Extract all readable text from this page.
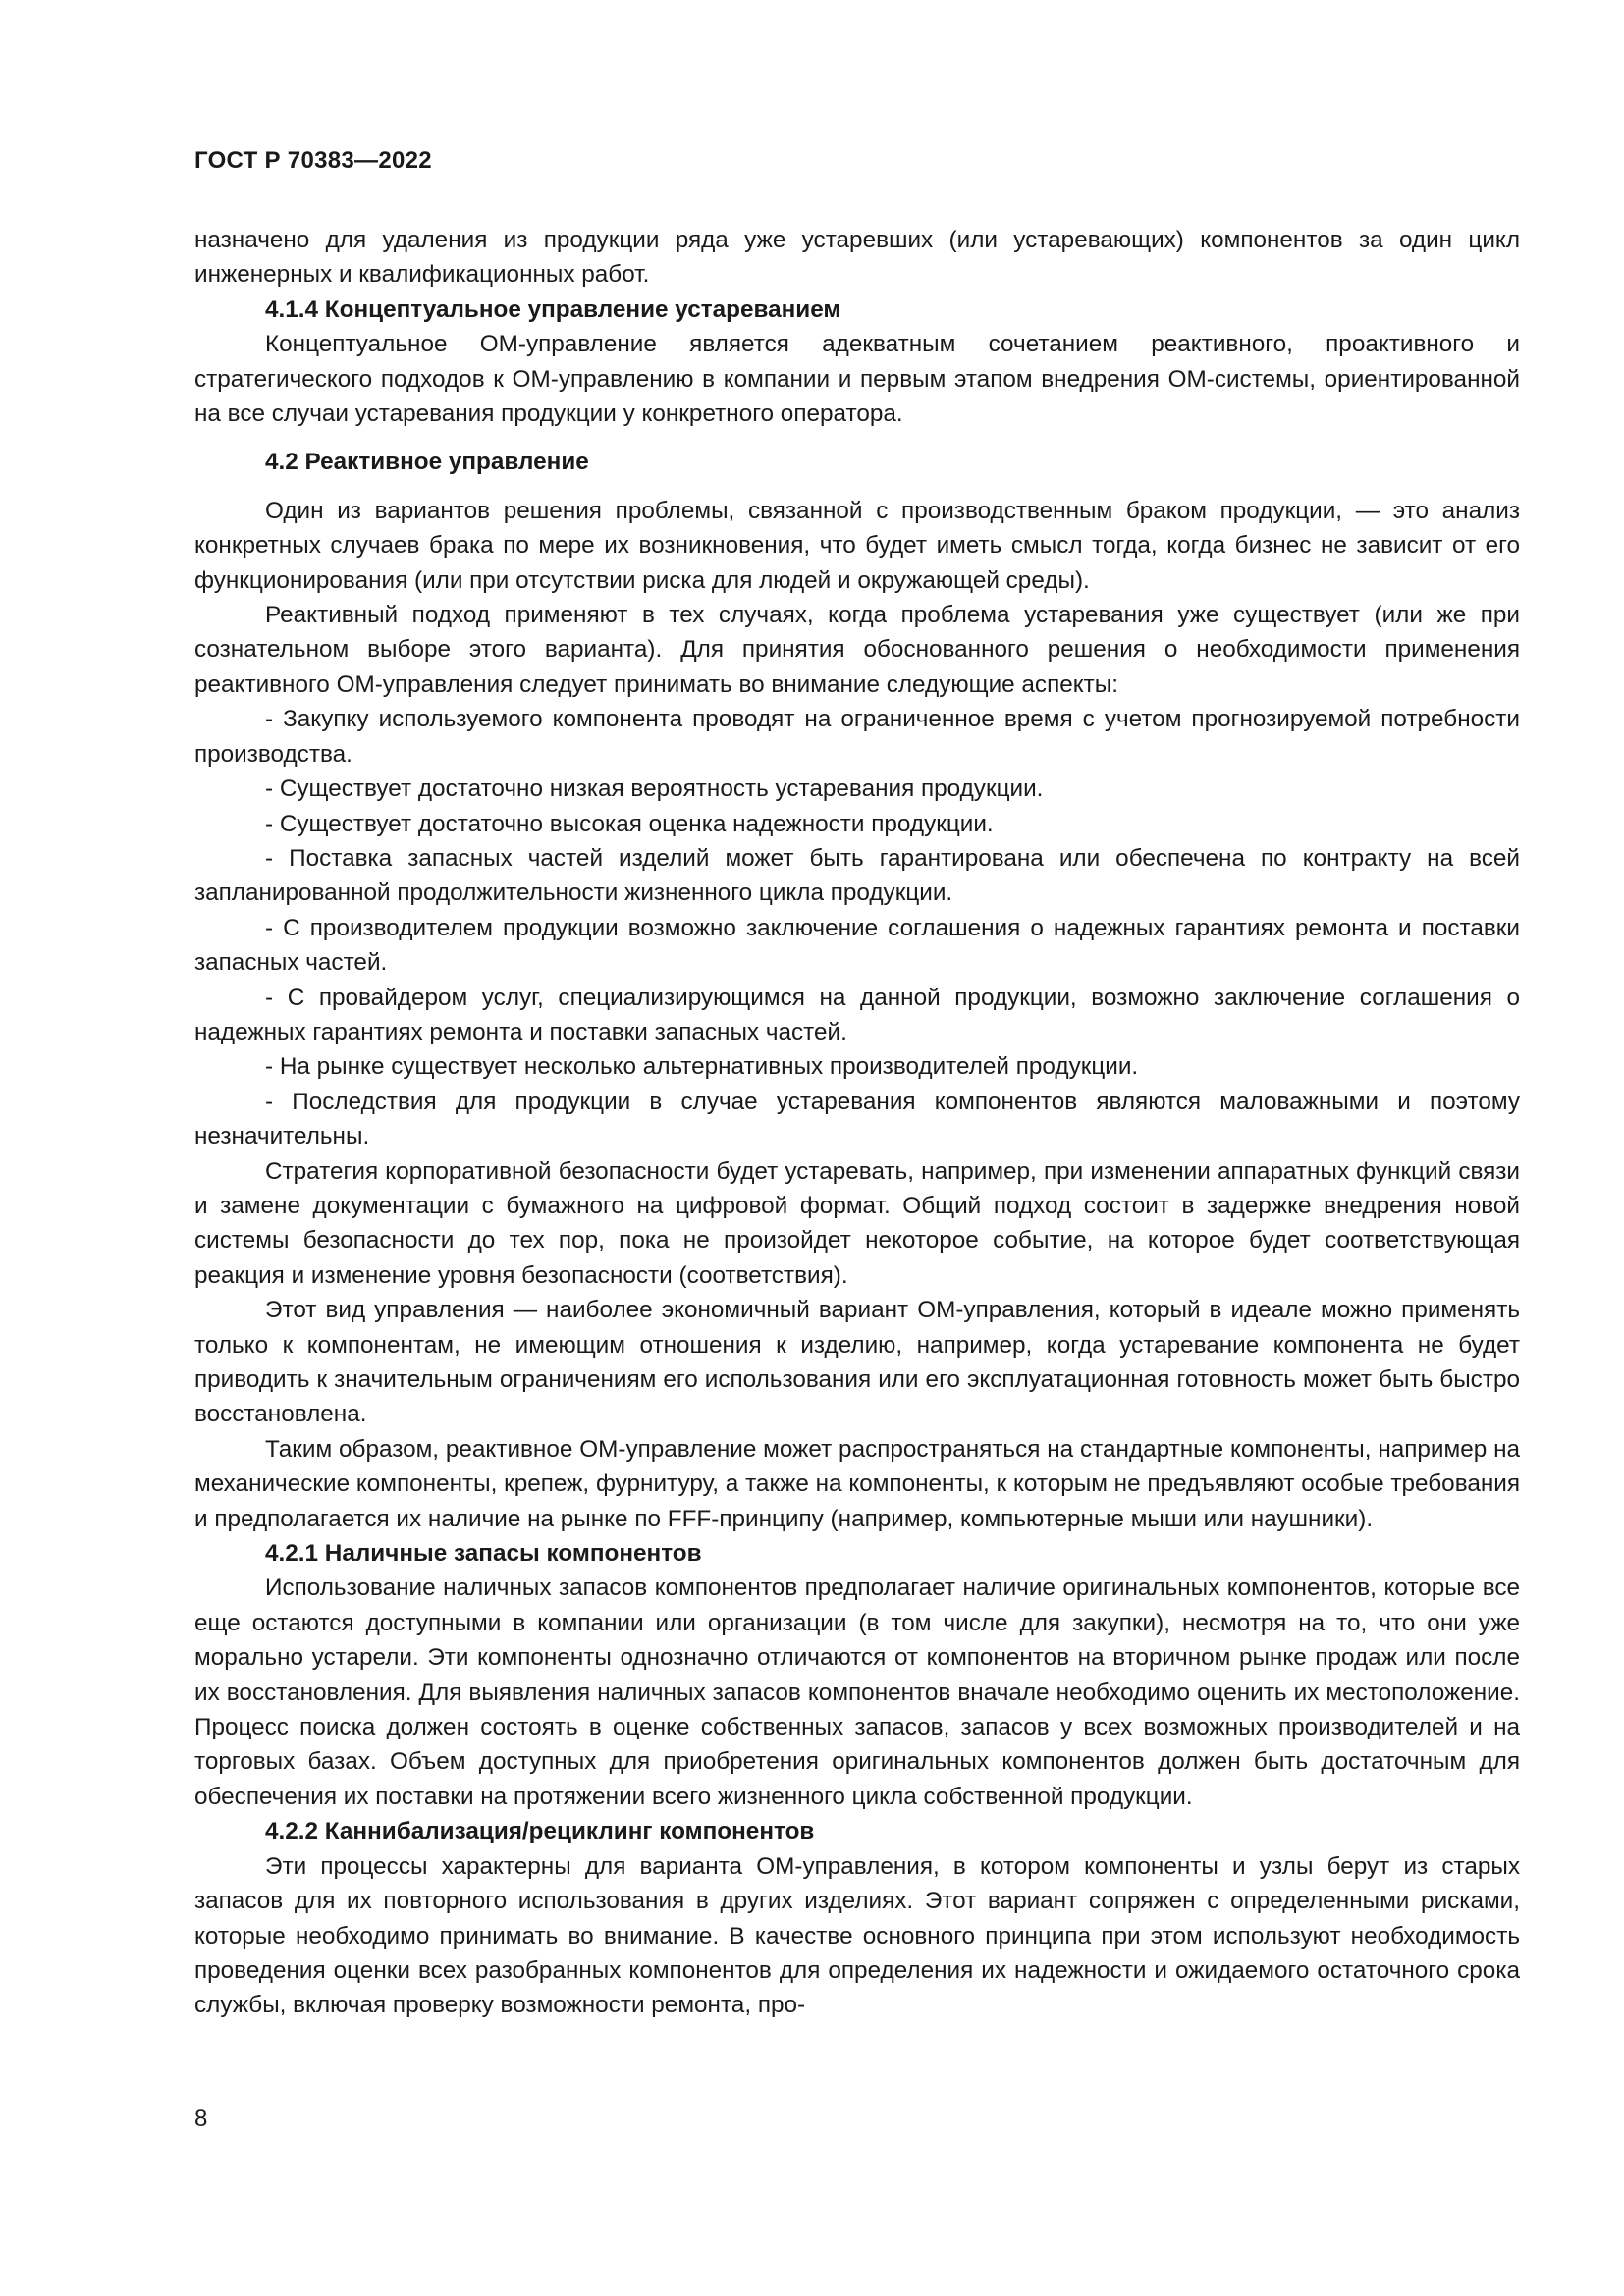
ГОСТ Р 70383—2022

назначено для удаления из продукции ряда уже устаревших (или устаревающих) компонентов за один цикл инженерных и квалификационных работ.

4.1.4 Концептуальное управление устареванием

Концептуальное ОМ-управление является адекватным сочетанием реактивного, проактивного и стратегического подходов к ОМ-управлению в компании и первым этапом внедрения ОМ-системы, ориентированной на все случаи устаревания продукции у конкретного оператора.

4.2 Реактивное управление

Один из вариантов решения проблемы, связанной с производственным браком продукции, — это анализ конкретных случаев брака по мере их возникновения, что будет иметь смысл тогда, когда бизнес не зависит от его функционирования (или при отсутствии риска для людей и окружающей среды).

Реактивный подход применяют в тех случаях, когда проблема устаревания уже существует (или же при сознательном выборе этого варианта). Для принятия обоснованного решения о необходимости применения реактивного ОМ-управления следует принимать во внимание следующие аспекты:

- Закупку используемого компонента проводят на ограниченное время с учетом прогнозируемой потребности производства.

- Существует достаточно низкая вероятность устаревания продукции.

- Существует достаточно высокая оценка надежности продукции.

- Поставка запасных частей изделий может быть гарантирована или обеспечена по контракту на всей запланированной продолжительности жизненного цикла продукции.

- С производителем продукции возможно заключение соглашения о надежных гарантиях ремонта и поставки запасных частей.

- С провайдером услуг, специализирующимся на данной продукции, возможно заключение соглашения о надежных гарантиях ремонта и поставки запасных частей.

- На рынке существует несколько альтернативных производителей продукции.

- Последствия для продукции в случае устаревания компонентов являются маловажными и поэтому незначительны.

Стратегия корпоративной безопасности будет устаревать, например, при изменении аппаратных функций связи и замене документации с бумажного на цифровой формат. Общий подход состоит в задержке внедрения новой системы безопасности до тех пор, пока не произойдет некоторое событие, на которое будет соответствующая реакция и изменение уровня безопасности (соответствия).

Этот вид управления — наиболее экономичный вариант ОМ-управления, который в идеале можно применять только к компонентам, не имеющим отношения к изделию, например, когда устаревание компонента не будет приводить к значительным ограничениям его использования или его эксплуатационная готовность может быть быстро восстановлена.

Таким образом, реактивное ОМ-управление может распространяться на стандартные компоненты, например на механические компоненты, крепеж, фурнитуру, а также на компоненты, к которым не предъявляют особые требования и предполагается их наличие на рынке по FFF-принципу (например, компьютерные мыши или наушники).

4.2.1 Наличные запасы компонентов

Использование наличных запасов компонентов предполагает наличие оригинальных компонентов, которые все еще остаются доступными в компании или организации (в том числе для закупки), несмотря на то, что они уже морально устарели. Эти компоненты однозначно отличаются от компонентов на вторичном рынке продаж или после их восстановления. Для выявления наличных запасов компонентов вначале необходимо оценить их местоположение. Процесс поиска должен состоять в оценке собственных запасов, запасов у всех возможных производителей и на торговых базах. Объем доступных для приобретения оригинальных компонентов должен быть достаточным для обеспечения их поставки на протяжении всего жизненного цикла собственной продукции.

4.2.2 Каннибализация/рециклинг компонентов

Эти процессы характерны для варианта ОМ-управления, в котором компоненты и узлы берут из старых запасов для их повторного использования в других изделиях. Этот вариант сопряжен с определенными рисками, которые необходимо принимать во внимание. В качестве основного принципа при этом используют необходимость проведения оценки всех разобранных компонентов для определения их надежности и ожидаемого остаточного срока службы, включая проверку возможности ремонта, про-

8
